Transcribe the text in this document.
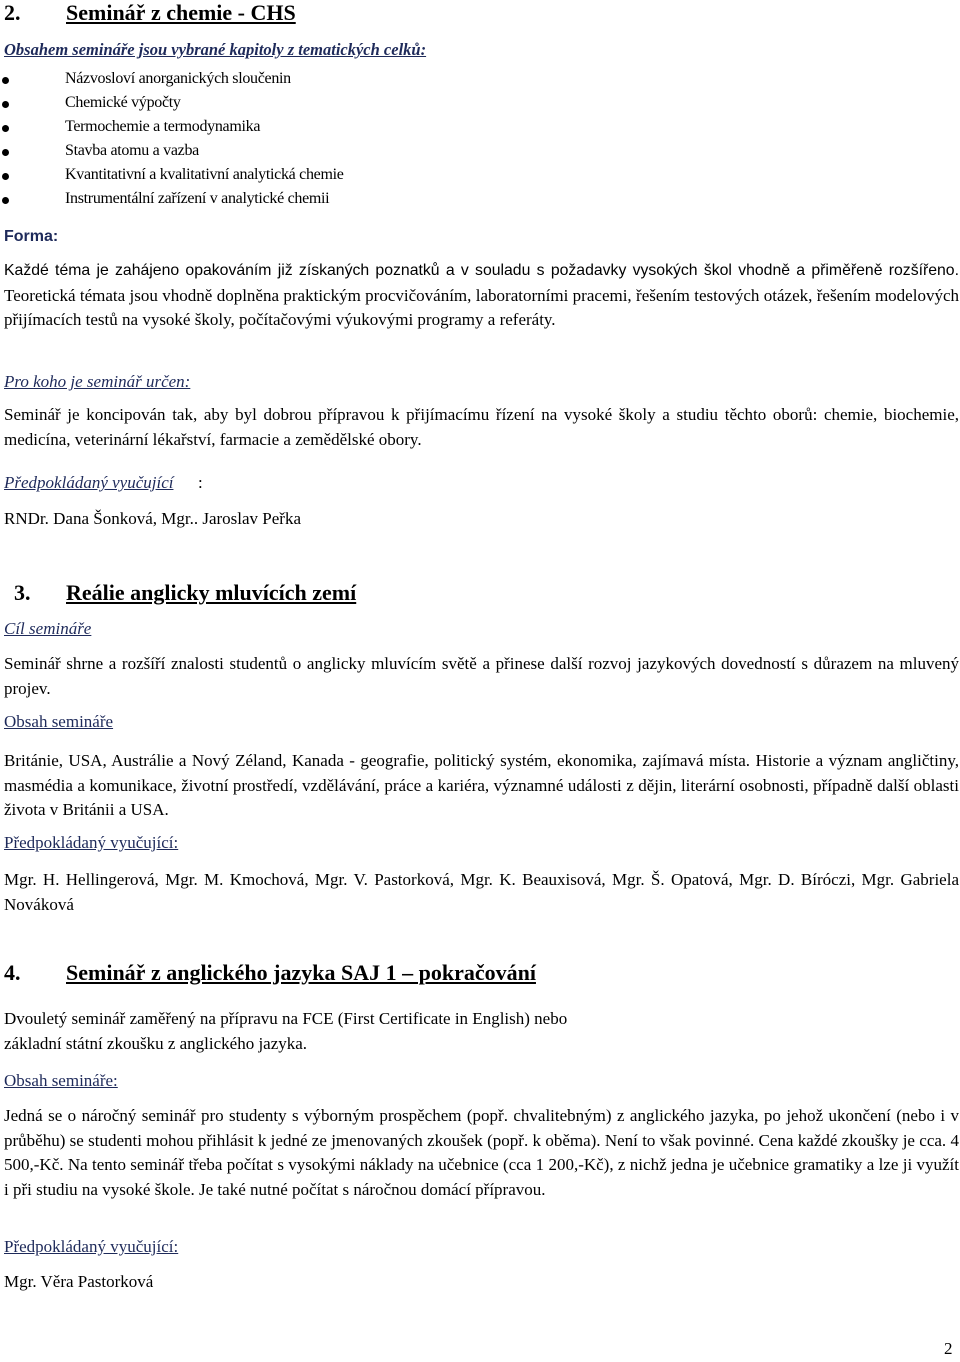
2. Seminář z chemie - CHS
Obsahem semináře jsou vybrané kapitoly z tematických celků:
Názvosloví anorganických sloučenin
Chemické výpočty
Termochemie a termodynamika
Stavba atomu a vazba
Kvantitativní a kvalitativní analytická chemie
Instrumentální zařízení v analytické chemii
Forma:
Každé téma je zahájeno opakováním již získaných poznatků a v souladu s požadavky vysokých škol vhodně a přiměřeně rozšířeno. Teoretická témata jsou vhodně doplněna praktickým procvičováním, laboratorními pracemi, řešením testových otázek, řešením modelových přijímacích testů na vysoké školy, počítačovými výukovými programy a referáty.
Pro koho je seminář určen:
Seminář je koncipován tak, aby byl dobrou přípravou k přijímacímu řízení na vysoké školy a studiu těchto oborů: chemie, biochemie, medicína, veterinární lékařství, farmacie a zemědělské obory.
Předpokládaný vyučující :
RNDr. Dana Šonková, Mgr.. Jaroslav Peřka
3. Reálie anglicky mluvících zemí
Cíl semináře
Seminář shrne a rozšíří znalosti studentů o anglicky mluvícím světě a přinese další rozvoj jazykových dovedností s důrazem na mluvený projev.
Obsah semináře
Británie, USA, Austrálie a Nový Zéland, Kanada - geografie, politický systém, ekonomika, zajímavá místa. Historie a význam angličtiny, masmédia a komunikace, životní prostředí, vzdělávání, práce a kariéra, významné události z dějin, literární osobnosti, případně další oblasti života v Británii a USA.
Předpokládaný vyučující:
Mgr. H. Hellingerová, Mgr. M. Kmochová, Mgr. V. Pastorková, Mgr. K. Beauxisová, Mgr. Š. Opatová, Mgr. D. Bíróczi, Mgr. Gabriela Nováková
4. Seminář z anglického jazyka SAJ 1 – pokračování
Dvouletý seminář zaměřený na přípravu na FCE (First Certificate in English) nebo
základní státní zkoušku z anglického jazyka.
Obsah semináře:
Jedná se o náročný seminář pro studenty s výborným prospěchem (popř. chvalitebným) z anglického jazyka, po jehož ukončení (nebo i v průběhu) se studenti mohou přihlásit k jedné ze jmenovaných zkoušek (popř. k oběma). Není to však povinné. Cena každé zkoušky je cca. 4 500,-Kč. Na tento seminář třeba počítat s vysokými náklady na učebnice (cca 1 200,-Kč), z nichž jedna je učebnice gramatiky a lze ji využít i při studiu na vysoké škole. Je také nutné počítat s náročnou domácí přípravou.
Předpokládaný vyučující:
Mgr. Věra Pastorková
2
